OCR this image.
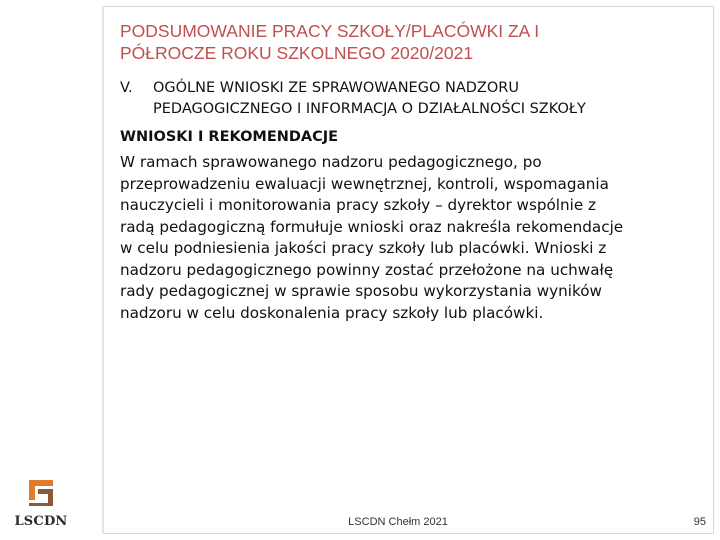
PODSUMOWANIE PRACY SZKOŁY/PLACÓWKI ZA I
PÓŁROCZE ROKU SZKOLNEGO 2020/2021
V. OGÓLNE WNIOSKI ZE SPRAWOWANEGO NADZORU
PEDAGOGICZNEGO I INFORMACJA O DZIAŁALNOŚCI SZKOŁY
WNIOSKI I REKOMENDACJE
W ramach sprawowanego nadzoru pedagogicznego, po
przeprowadzeniu ewaluacji wewnętrznej, kontroli, wspomagania
nauczycieli i monitorowania pracy szkoły – dyrektor wspólnie z
radą pedagogiczną formułuje wnioski oraz nakreśla rekomendacje
w celu podniesienia jakości pracy szkoły lub placówki. Wnioski z
nadzoru pedagogicznego powinny zostać przełożone na uchwałę
rady pedagogicznej w sprawie sposobu wykorzystania wyników
nadzoru w celu doskonalenia pracy szkoły lub placówki.
LSCDN	LSCDN Chełm 2021	95
